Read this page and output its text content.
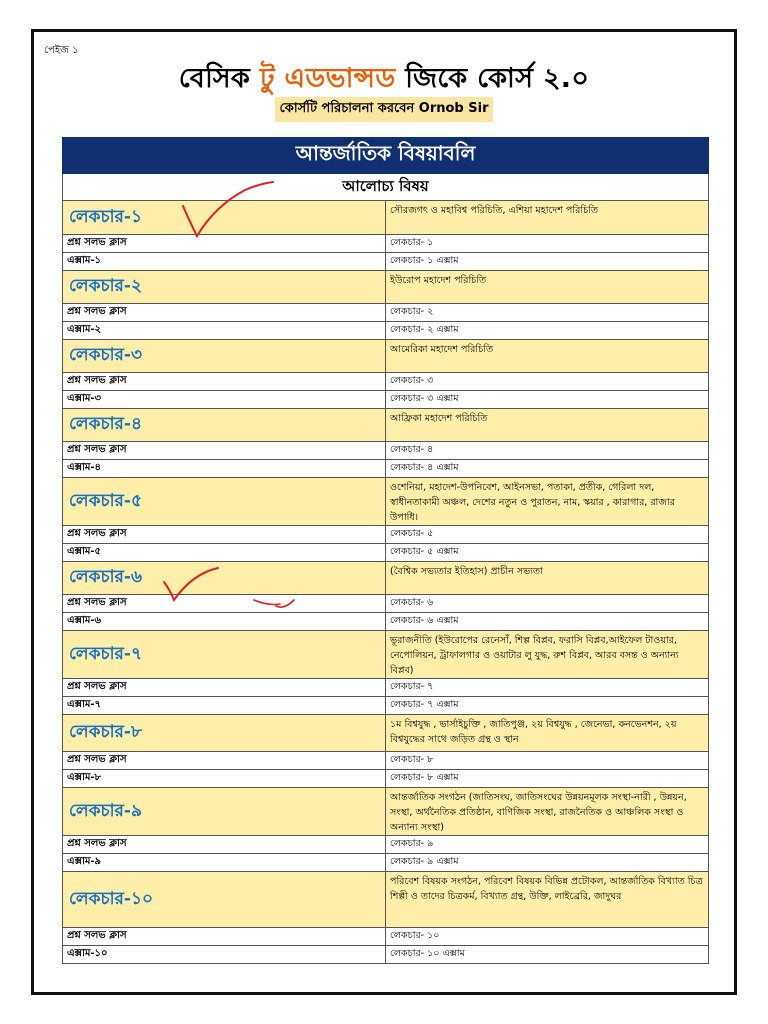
পেইজ ১
বেসিক টু এডভান্সড জিকে কোর্স ২.০
কোর্সটি পরিচালনা করবেন Ornob Sir
আন্তর্জাতিক বিষয়াবলি	
আলোচ্য বিষয়	
লেকচার-১	সৌরজগৎ ও মহাবিশ্ব পরিচিতি, এশিয়া মহাদেশ পরিচিতি
প্রশ্ন সলভ ক্লাস	লেকচার- ১
এক্সাম-১	লেকচার- ১ এক্সাম
লেকচার-২	ইউরোপ মহাদেশ পরিচিতি
প্রশ্ন সলভ ক্লাস	লেকচার- ২
এক্সাম-২	লেকচার- ২ এক্সাম
লেকচার-৩	আমেরিকা মহাদেশ পরিচিতি
প্রশ্ন সলভ ক্লাস	লেকচার- ৩
এক্সাম-৩	লেকচার- ৩ এক্সাম
লেকচার-৪	আফ্রিকা মহাদেশ পরিচিতি
প্রশ্ন সলভ ক্লাস	লেকচার- ৪
এক্সাম-৪	লেকচার- ৪ এক্সাম
লেকচার-৫	ওশেনিয়া, মহাদেশ-উপনিবেশ, আইনসভা, পতাকা, প্রতীক, গেরিলা দল, স্বাধীনতাকামী অঞ্চল, দেশের নতুন ও পুরাতন, নাম, স্কয়ার , কারাগার, রাজার উপাধি।
প্রশ্ন সলভ ক্লাস	লেকচার- ৫
এক্সাম-৫	লেকচার- ৫ এক্সাম
লেকচার-৬	(বৈশ্বিক সভ্যতার ইতিহাস) প্রাচীন সভ্যতা
প্রশ্ন সলভ ক্লাস	লেকচার- ৬
এক্সাম-৬	লেকচার- ৬ এক্সাম
লেকচার-৭	ভূরাজনীতি (ইউরোপের রেনেসাঁ, শিল্প বিপ্লব, ফরাসি বিপ্লব,আইফেল টাওয়ার, নেপোলিয়ন, ট্রাফালগার ও ওয়াটার লু যুদ্ধ, রুশ বিপ্লব, আরব বসন্ত ও অন্যান্য বিপ্লব)
প্রশ্ন সলভ ক্লাস	লেকচার- ৭
এক্সাম-৭	লেকচার- ৭ এক্সাম
লেকচার-৮	১ম বিশ্বযুদ্ধ , ভার্সাইচুক্তি , জাতিপুঞ্জ, ২য় বিশ্বযুদ্ধ , জেনেভা, কনভেনশন, ২য় বিশ্বযুদ্ধের সাথে জড়িত গ্রন্থ ও স্থান
প্রশ্ন সলভ ক্লাস	লেকচার- ৮
এক্সাম-৮	লেকচার- ৮ এক্সাম
লেকচার-৯	আন্তর্জাতিক সংগঠন (জাতিসংঘ, জাতিসংঘের উন্নয়নমূলক সংস্থা-নারী , উন্নয়ন, সংস্থা, অর্থনৈতিক প্রতিষ্ঠান, বাণিজিক সংস্থা, রাজনৈতিক ও আঞ্চলিক সংস্থা ও অন্যান্য সংস্থা)
প্রশ্ন সলভ ক্লাস	লেকচার- ৯
এক্সাম-৯	লেকচার- ৯ এক্সাম
লেকচার-১০	পরিবেশ বিষয়ক সংগঠন, পরিবেশ বিষয়ক বিভিন্ন প্রটোকল, আন্তর্জাতিক বিখ্যাত চিত্র শিল্পী ও তাদের চিত্রকর্ম, বিখ্যাত গ্রন্থ, উক্তি, লাইব্রেরি, জাদুঘর
প্রশ্ন সলভ ক্লাস	লেকচার- ১০
এক্সাম-১০	লেকচার- ১০ এক্সাম
